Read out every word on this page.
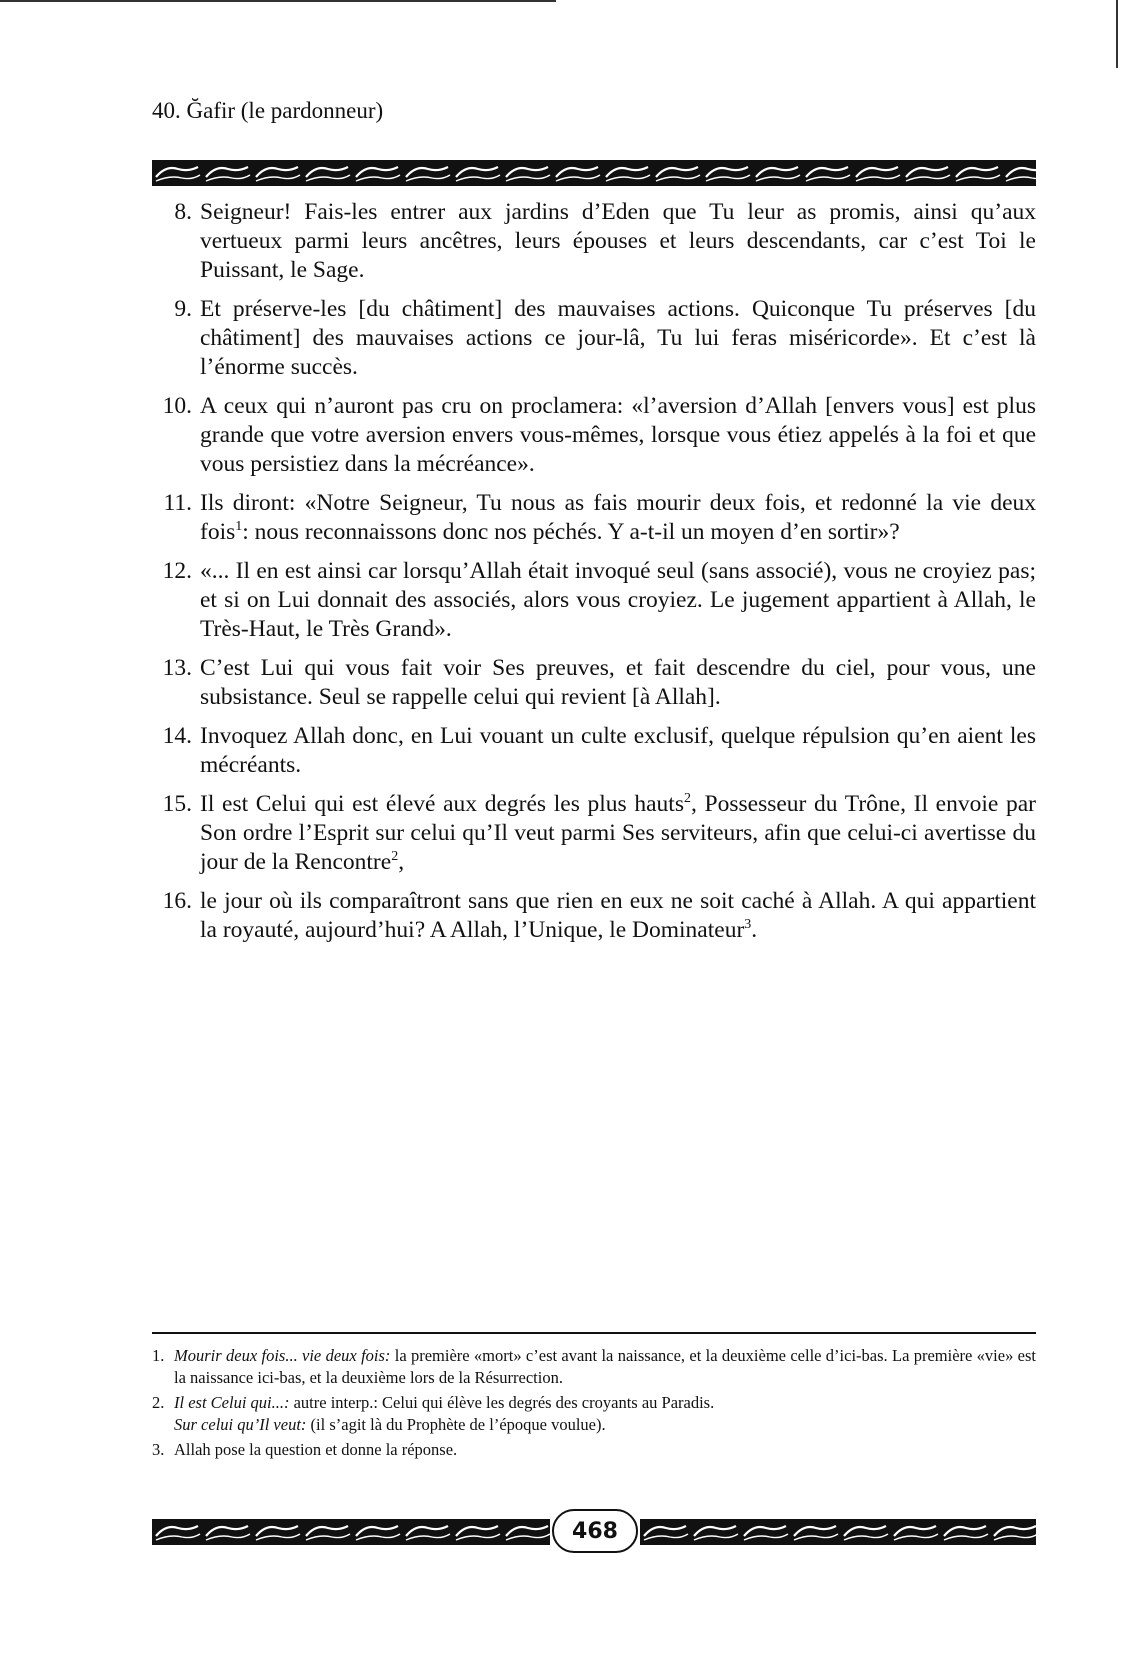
40. Ğafir (le pardonneur)
8. Seigneur! Fais-les entrer aux jardins d’Eden que Tu leur as promis, ainsi qu’aux vertueux parmi leurs ancêtres, leurs épouses et leurs descendants, car c’est Toi le Puissant, le Sage.
9. Et préserve-les [du châtiment] des mauvaises actions. Quiconque Tu préserves [du châtiment] des mauvaises actions ce jour-lâ, Tu lui feras miséricorde». Et c’est là l’énorme succès.
10. A ceux qui n’auront pas cru on proclamera: «l’aversion d’Allah [envers vous] est plus grande que votre aversion envers vous-mêmes, lorsque vous étiez appelés à la foi et que vous persistiez dans la mécréance».
11. Ils diront: «Notre Seigneur, Tu nous as fais mourir deux fois, et redonné la vie deux fois$^1$: nous reconnaissons donc nos péchés. Y a-t-il un moyen d’en sortir»?
12. «... Il en est ainsi car lorsqu’Allah était invoqué seul (sans associé), vous ne croyiez pas; et si on Lui donnait des associés, alors vous croyiez. Le jugement appartient à Allah, le Très-Haut, le Très Grand».
13. C’est Lui qui vous fait voir Ses preuves, et fait descendre du ciel, pour vous, une subsistance. Seul se rappelle celui qui revient [à Allah].
14. Invoquez Allah donc, en Lui vouant un culte exclusif, quelque répulsion qu’en aient les mécréants.
15. Il est Celui qui est élevé aux degrés les plus hauts$^2$, Possesseur du Trône, Il envoie par Son ordre l’Esprit sur celui qu’Il veut parmi Ses serviteurs, afin que celui-ci avertisse du jour de la Rencontre$^2$,
16. le jour où ils comparaîtront sans que rien en eux ne soit caché à Allah. A qui appartient la royauté, aujourd’hui? A Allah, l’Unique, le Dominateur$^3$.
1. Mourir deux fois... vie deux fois: la première «mort» c’est avant la naissance, et la deuxième celle d’ici-bas. La première «vie» est la naissance ici-bas, et la deuxième lors de la Résurrection.
2. Il est Celui qui...: autre interp.: Celui qui élève les degrés des croyants au Paradis.
Sur celui qu’Il veut: (il s’agit là du Prophète de l’époque voulue).
3. Allah pose la question et donne la réponse.
468
